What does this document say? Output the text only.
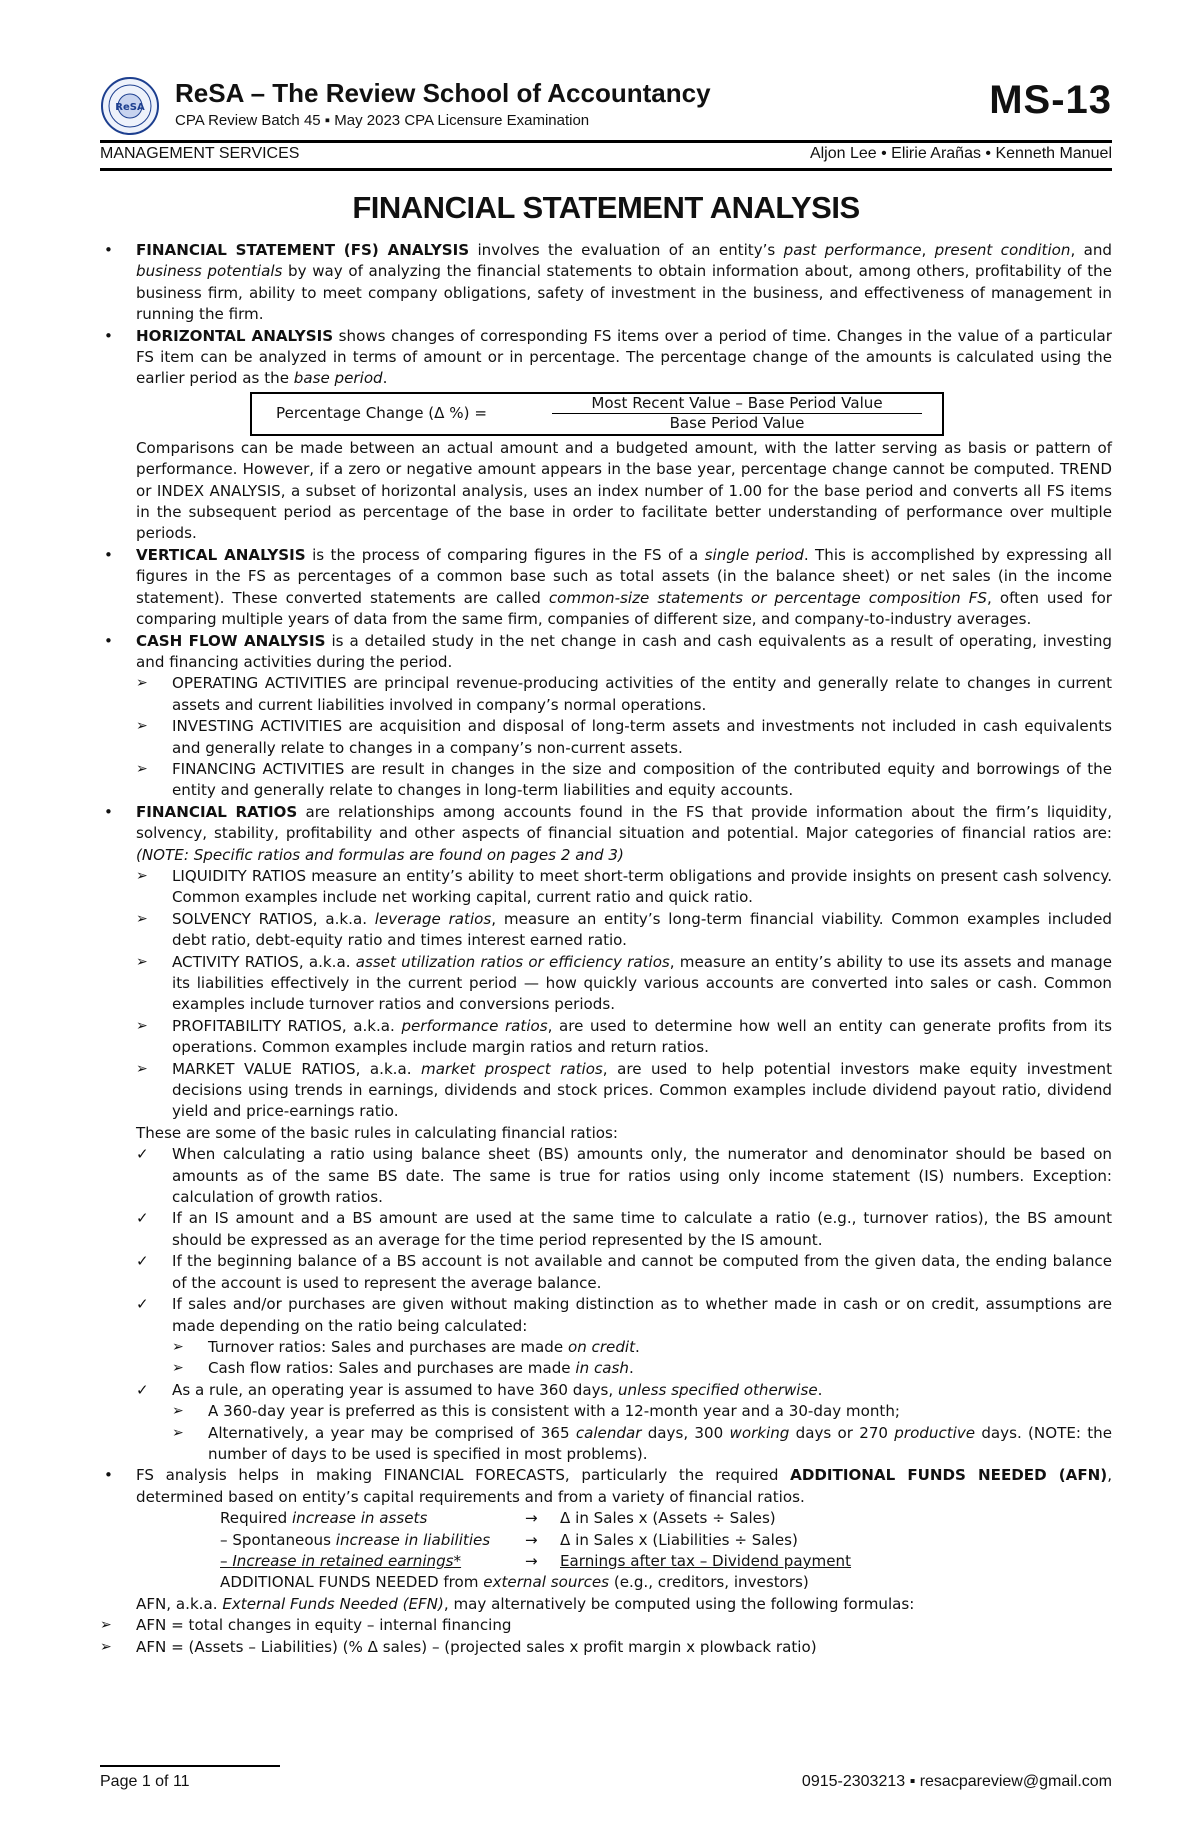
ReSA ReSA – The Review School of Accountancy
CPA Review Batch 45 ▪ May 2023 CPA Licensure Examination	MS-13
MANAGEMENT SERVICES	Aljon Lee • Elirie Arañas • Kenneth Manuel
FINANCIAL STATEMENT ANALYSIS
• FINANCIAL STATEMENT (FS) ANALYSIS involves the evaluation of an entity’s past performance, present condition, and business potentials by way of analyzing the financial statements to obtain information about, among others, profitability of the business firm, ability to meet company obligations, safety of investment in the business, and effectiveness of management in running the firm.
• HORIZONTAL ANALYSIS shows changes of corresponding FS items over a period of time. Changes in the value of a particular FS item can be analyzed in terms of amount or in percentage. The percentage change of the amounts is calculated using the earlier period as the base period.
Percentage Change (Δ %) =
Most Recent Value – Base Period Value
Base Period Value
Comparisons can be made between an actual amount and a budgeted amount, with the latter serving as basis or pattern of performance. However, if a zero or negative amount appears in the base year, percentage change cannot be computed. TREND or INDEX ANALYSIS, a subset of horizontal analysis, uses an index number of 1.00 for the base period and converts all FS items in the subsequent period as percentage of the base in order to facilitate better understanding of performance over multiple periods.
• VERTICAL ANALYSIS is the process of comparing figures in the FS of a single period. This is accomplished by expressing all figures in the FS as percentages of a common base such as total assets (in the balance sheet) or net sales (in the income statement). These converted statements are called common-size statements or percentage composition FS, often used for comparing multiple years of data from the same firm, companies of different size, and company-to-industry averages.
• CASH FLOW ANALYSIS is a detailed study in the net change in cash and cash equivalents as a result of operating, investing and financing activities during the period.
➢ OPERATING ACTIVITIES are principal revenue-producing activities of the entity and generally relate to changes in current assets and current liabilities involved in company’s normal operations.
➢ INVESTING ACTIVITIES are acquisition and disposal of long-term assets and investments not included in cash equivalents and generally relate to changes in a company’s non-current assets.
➢ FINANCING ACTIVITIES are result in changes in the size and composition of the contributed equity and borrowings of the entity and generally relate to changes in long-term liabilities and equity accounts.
• FINANCIAL RATIOS are relationships among accounts found in the FS that provide information about the firm’s liquidity, solvency, stability, profitability and other aspects of financial situation and potential. Major categories of financial ratios are: (NOTE: Specific ratios and formulas are found on pages 2 and 3)
➢ LIQUIDITY RATIOS measure an entity’s ability to meet short-term obligations and provide insights on present cash solvency. Common examples include net working capital, current ratio and quick ratio.
➢ SOLVENCY RATIOS, a.k.a. leverage ratios, measure an entity’s long-term financial viability. Common examples included debt ratio, debt-equity ratio and times interest earned ratio.
➢ ACTIVITY RATIOS, a.k.a. asset utilization ratios or efficiency ratios, measure an entity’s ability to use its assets and manage its liabilities effectively in the current period — how quickly various accounts are converted into sales or cash. Common examples include turnover ratios and conversions periods.
➢ PROFITABILITY RATIOS, a.k.a. performance ratios, are used to determine how well an entity can generate profits from its operations. Common examples include margin ratios and return ratios.
➢ MARKET VALUE RATIOS, a.k.a. market prospect ratios, are used to help potential investors make equity investment decisions using trends in earnings, dividends and stock prices. Common examples include dividend payout ratio, dividend yield and price-earnings ratio.
These are some of the basic rules in calculating financial ratios:
✓ When calculating a ratio using balance sheet (BS) amounts only, the numerator and denominator should be based on amounts as of the same BS date. The same is true for ratios using only income statement (IS) numbers. Exception: calculation of growth ratios.
✓ If an IS amount and a BS amount are used at the same time to calculate a ratio (e.g., turnover ratios), the BS amount should be expressed as an average for the time period represented by the IS amount.
✓ If the beginning balance of a BS account is not available and cannot be computed from the given data, the ending balance of the account is used to represent the average balance.
✓ If sales and/or purchases are given without making distinction as to whether made in cash or on credit, assumptions are made depending on the ratio being calculated:
➢ Turnover ratios: Sales and purchases are made on credit.
➢ Cash flow ratios: Sales and purchases are made in cash.
✓ As a rule, an operating year is assumed to have 360 days, unless specified otherwise.
➢ A 360-day year is preferred as this is consistent with a 12-month year and a 30-day month;
➢ Alternatively, a year may be comprised of 365 calendar days, 300 working days or 270 productive days. (NOTE: the number of days to be used is specified in most problems).
• FS analysis helps in making FINANCIAL FORECASTS, particularly the required ADDITIONAL FUNDS NEEDED (AFN), determined based on entity’s capital requirements and from a variety of financial ratios.
Required increase in assets	→ Δ in Sales x (Assets ÷ Sales)
– Spontaneous increase in liabilities → Δ in Sales x (Liabilities ÷ Sales)
– Increase in retained earnings*	→ Earnings after tax – Dividend payment
ADDITIONAL FUNDS NEEDED from external sources (e.g., creditors, investors)
AFN, a.k.a. External Funds Needed (EFN), may alternatively be computed using the following formulas:
➢ AFN = total changes in equity – internal financing
➢ AFN = (Assets – Liabilities) (% Δ sales) – (projected sales x profit margin x plowback ratio)
Page 1 of 11	0915-2303213 ▪ resacpareview@gmail.com
